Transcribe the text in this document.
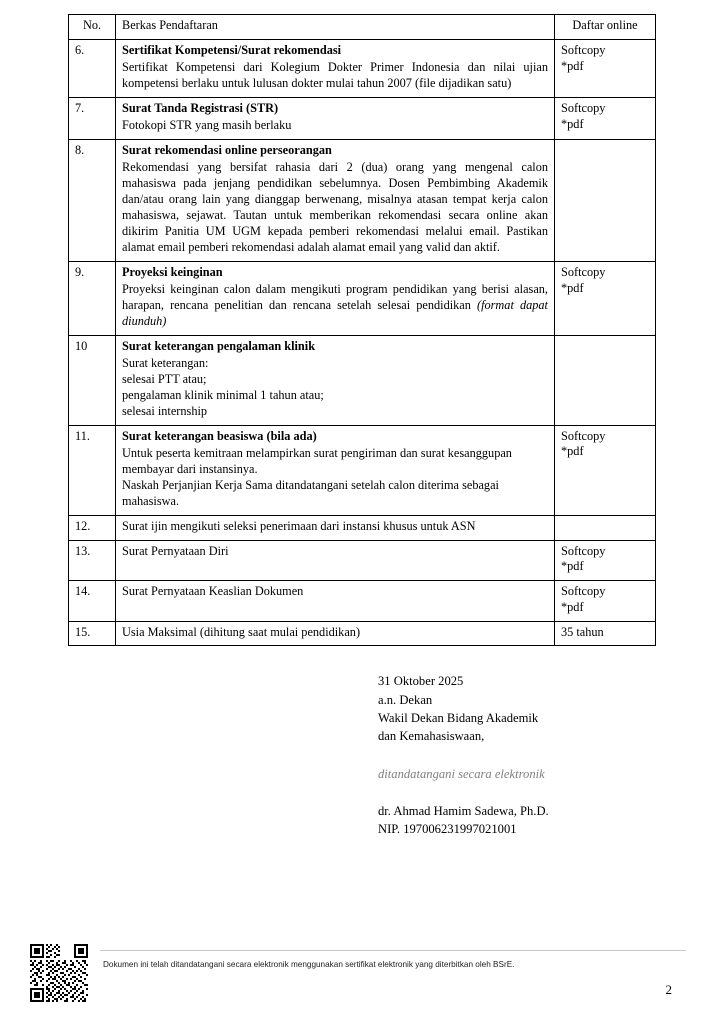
No.	Berkas Pendaftaran	Daftar online
6.	Sertifikat Kompetensi/Surat rekomendasi
Sertifikat Kompetensi dari Kolegium Dokter Primer Indonesia dan nilai ujian kompetensi berlaku untuk lulusan dokter mulai tahun 2007 (file dijadikan satu)	Softcopy
*pdf

7.	Surat Tanda Registrasi (STR)
Fotokopi STR yang masih berlaku	Softcopy
*pdf

8.	Surat rekomendasi online perseorangan
Rekomendasi yang bersifat rahasia dari 2 (dua) orang yang mengenal calon mahasiswa pada jenjang pendidikan sebelumnya. Dosen Pembimbing Akademik dan/atau orang lain yang dianggap berwenang, misalnya atasan tempat kerja calon mahasiswa, sejawat. Tautan untuk memberikan rekomendasi secara online akan dikirim Panitia UM UGM kepada pemberi rekomendasi melalui email. Pastikan alamat email pemberi rekomendasi adalah alamat email yang valid dan aktif.	

9.	Proyeksi keinginan
Proyeksi keinginan calon dalam mengikuti program pendidikan yang berisi alasan, harapan, rencana penelitian dan rencana setelah selesai pendidikan (format dapat diunduh)	Softcopy
*pdf

10	Surat keterangan pengalaman klinik
Surat keterangan:
selesai PTT atau;
pengalaman klinik minimal 1 tahun atau;
selesai internship	

11.	Surat keterangan beasiswa (bila ada)
Untuk peserta kemitraan melampirkan surat pengiriman dan surat kesanggupan membayar dari instansinya.
Naskah Perjanjian Kerja Sama ditandatangani setelah calon diterima sebagai mahasiswa.	Softcopy
*pdf

12.	Surat ijin mengikuti seleksi penerimaan dari instansi khusus untuk ASN	

13.	Surat Pernyataan Diri	Softcopy
*pdf

14.	Surat Pernyataan Keaslian Dokumen	Softcopy
*pdf

15.	Usia Maksimal (dihitung saat mulai pendidikan)	35 tahun
31 Oktober 2025
a.n. Dekan
Wakil Dekan Bidang Akademik
dan Kemahasiswaan,
ditandatangani secara elektronik
dr. Ahmad Hamim Sadewa, Ph.D.
NIP. 197006231997021001
Dokumen ini telah ditandatangani secara elektronik menggunakan sertifikat elektronik yang diterbitkan oleh BSrE.
2
